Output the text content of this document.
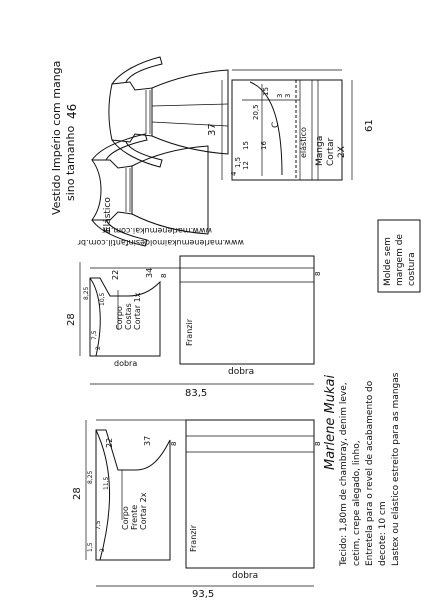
Vestido Império com manga sino tamanho
46
Elástico
www.marlenemukai.com.br
www.marlenemukaimoldesinfantil.com.br
61
37
20,5
15 3 3
15
12
16
C
1,5
4
elástico Manga Cortar 2X
Corpo Costas Cortar 1x
28
22	34
10,5
7,5
8,25
2
8
dobra
Franzir
dobra
8
83,5
Corpo Frente Cortar 2x
28
22	37
11,5
7,5
8,25
2
1,5
8
Franzir
dobra
8
93,5
Molde sem margem de costura
Tecido: 1,80m de chambray, denim leve, cetim, crepe alegado, linho, Entretela para o revel de acabamento do decote: 10 cm Lastex ou elástico estreito para as mangas
Marlene Mukai
